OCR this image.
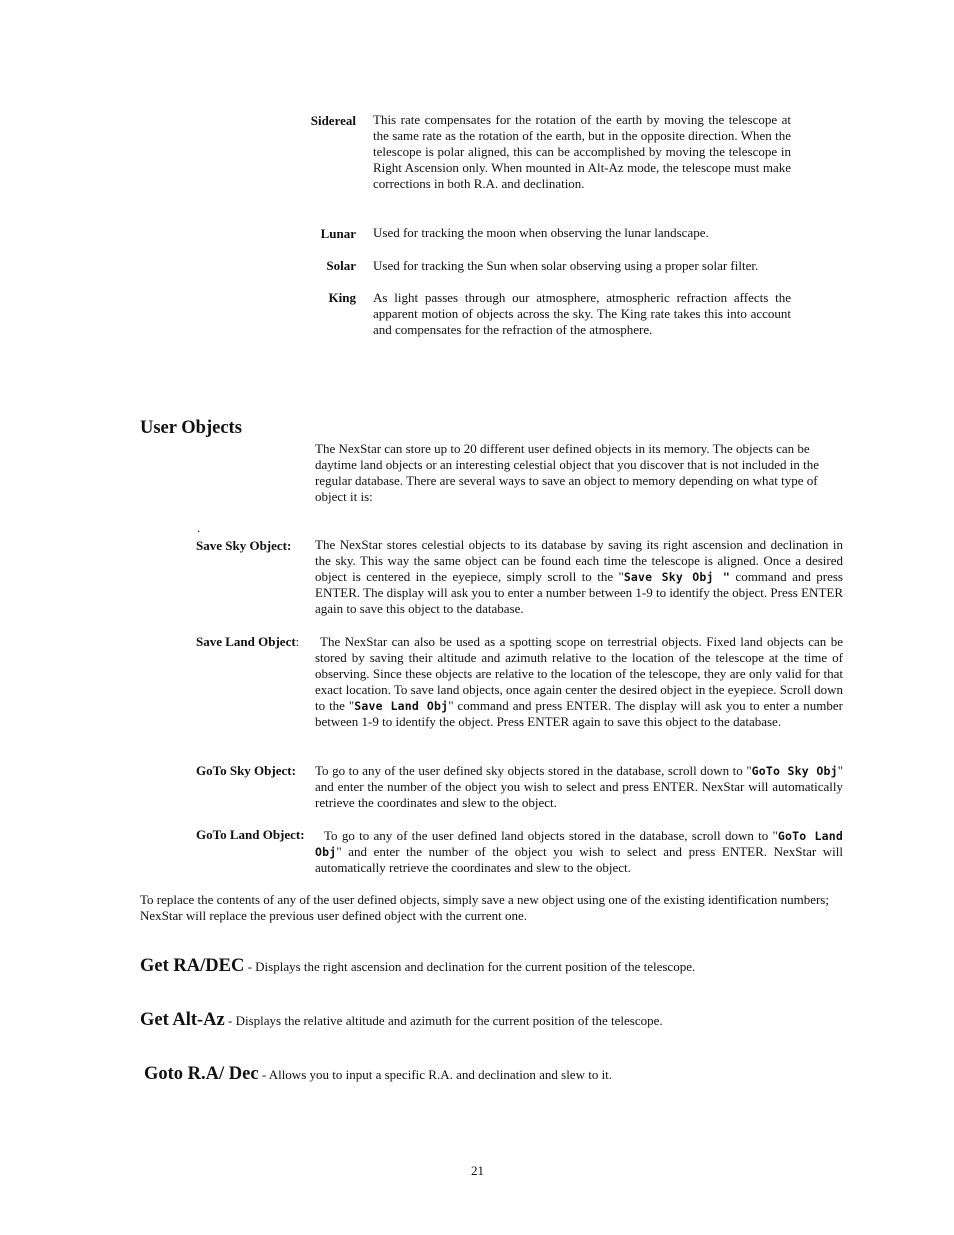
Sidereal This rate compensates for the rotation of the earth by moving the telescope at the same rate as the rotation of the earth, but in the opposite direction. When the telescope is polar aligned, this can be accomplished by moving the telescope in Right Ascension only. When mounted in Alt-Az mode, the telescope must make corrections in both R.A. and declination.

Lunar Used for tracking the moon when observing the lunar landscape.

Solar Used for tracking the Sun when solar observing using a proper solar filter.

King As light passes through our atmosphere, atmospheric refraction affects the apparent motion of objects across the sky. The King rate takes this into account and compensates for the refraction of the atmosphere.

User Objects

The NexStar can store up to 20 different user defined objects in its memory. The objects can be daytime land objects or an interesting celestial object that you discover that is not included in the regular database. There are several ways to save an object to memory depending on what type of object it is:

.
Save Sky Object: The NexStar stores celestial objects to its database by saving its right ascension and declination in the sky. This way the same object can be found each time the telescope is aligned. Once a desired object is centered in the eyepiece, simply scroll to the "Save Sky Obj " command and press ENTER. The display will ask you to enter a number between 1-9 to identify the object. Press ENTER again to save this object to the database.

Save Land Object:	The NexStar can also be used as a spotting scope on terrestrial objects. Fixed land objects can be stored by saving their altitude and azimuth relative to the location of the telescope at the time of observing. Since these objects are relative to the location of the telescope, they are only valid for that exact location. To save land objects, once again center the desired object in the eyepiece. Scroll down to the "Save Land Obj" command and press ENTER. The display will ask you to enter a number between 1-9 to identify the object. Press ENTER again to save this object to the database.

GoTo Sky Object: To go to any of the user defined sky objects stored in the database, scroll down to "GoTo Sky Obj" and enter the number of the object you wish to select and press ENTER. NexStar will automatically retrieve the coordinates and slew to the object.

GoTo Land Object:	To go to any of the user defined land objects stored in the database, scroll down to "GoTo Land Obj" and enter the number of the object you wish to select and press ENTER. NexStar will automatically retrieve the coordinates and slew to the object.

To replace the contents of any of the user defined objects, simply save a new object using one of the existing identification numbers; NexStar will replace the previous user defined object with the current one.

Get RA/DEC - Displays the right ascension and declination for the current position of the telescope.
Get Alt-Az - Displays the relative altitude and azimuth for the current position of the telescope.
Goto R.A/ Dec - Allows you to input a specific R.A. and declination and slew to it.
21
